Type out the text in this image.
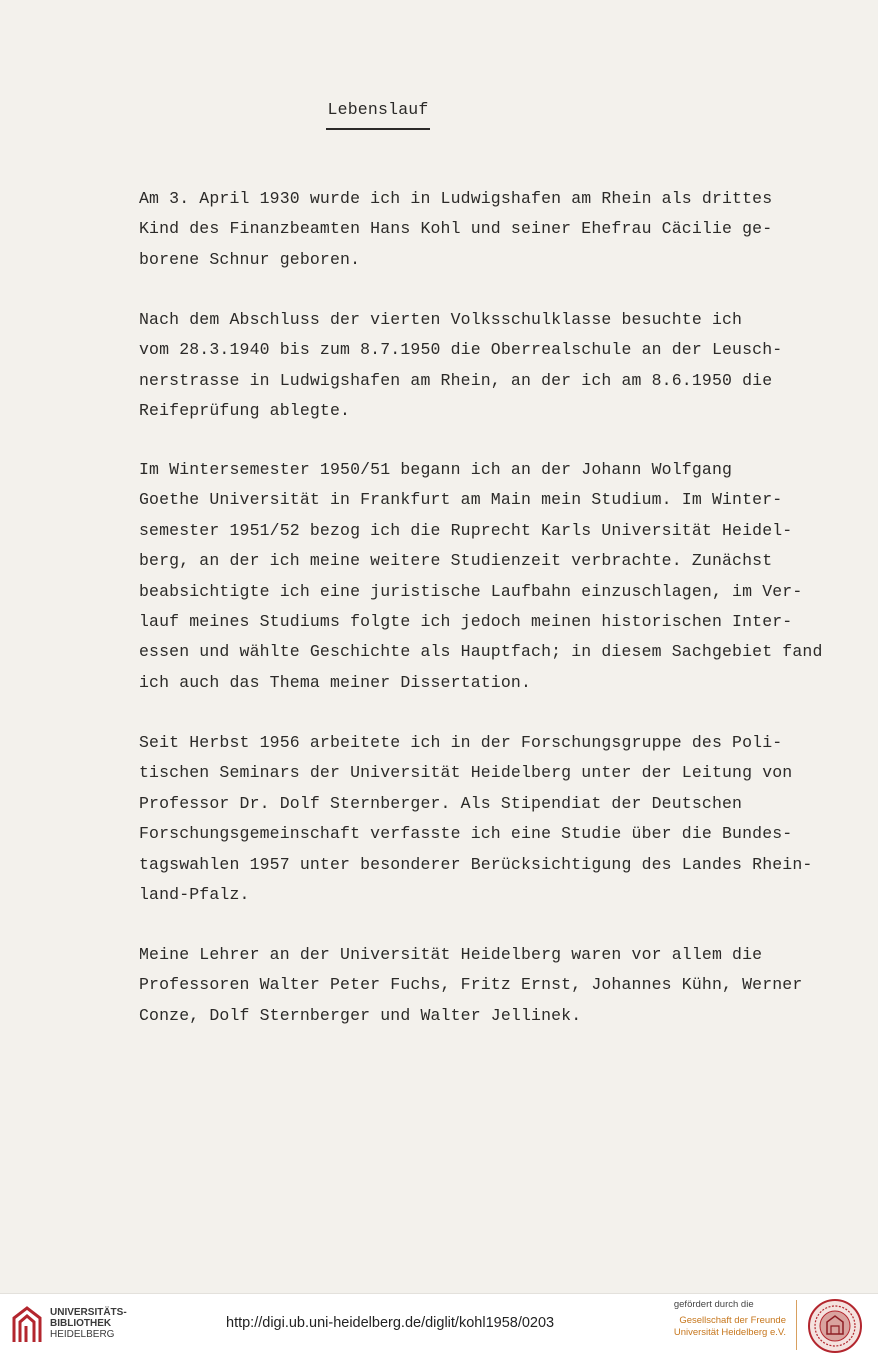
Lebenslauf

Am 3. April 1930 wurde ich in Ludwigshafen am Rhein als drittes
Kind des Finanzbeamten Hans Kohl und seiner Ehefrau Cäcilie ge-
borene Schnur geboren.

Nach dem Abschluss der vierten Volksschulklasse besuchte ich
vom 28.3.1940 bis zum 8.7.1950 die Oberrealschule an der Leusch-
nerstrasse in Ludwigshafen am Rhein, an der ich am 8.6.1950 die
Reifeprüfung ablegte.

Im Wintersemester 1950/51 begann ich an der Johann Wolfgang
Goethe Universität in Frankfurt am Main mein Studium. Im Winter-
semester 1951/52 bezog ich die Ruprecht Karls Universität Heidel-
berg, an der ich meine weitere Studienzeit verbrachte. Zunächst
beabsichtigte ich eine juristische Laufbahn einzuschlagen, im Ver-
lauf meines Studiums folgte ich jedoch meinen historischen Inter-
essen und wählte Geschichte als Hauptfach; in diesem Sachgebiet fand
ich auch das Thema meiner Dissertation.

Seit Herbst 1956 arbeitete ich in der Forschungsgruppe des Poli-
tischen Seminars der Universität Heidelberg unter der Leitung von
Professor Dr. Dolf Sternberger. Als Stipendiat der Deutschen
Forschungsgemeinschaft verfasste ich eine Studie über die Bundes-
tagswahlen 1957 unter besonderer Berücksichtigung des Landes Rhein-
land-Pfalz.

Meine Lehrer an der Universität Heidelberg waren vor allem die
Professoren Walter Peter Fuchs, Fritz Ernst, Johannes Kühn, Werner
Conze, Dolf Sternberger und Walter Jellinek.

UNIVERSITÄTS-
BIBLIOTHEK
HEIDELBERG
http://digi.ub.uni-heidelberg.de/diglit/kohl1958/0203
gefördert durch die
Gesellschaft der Freunde
Universität Heidelberg e.V.
